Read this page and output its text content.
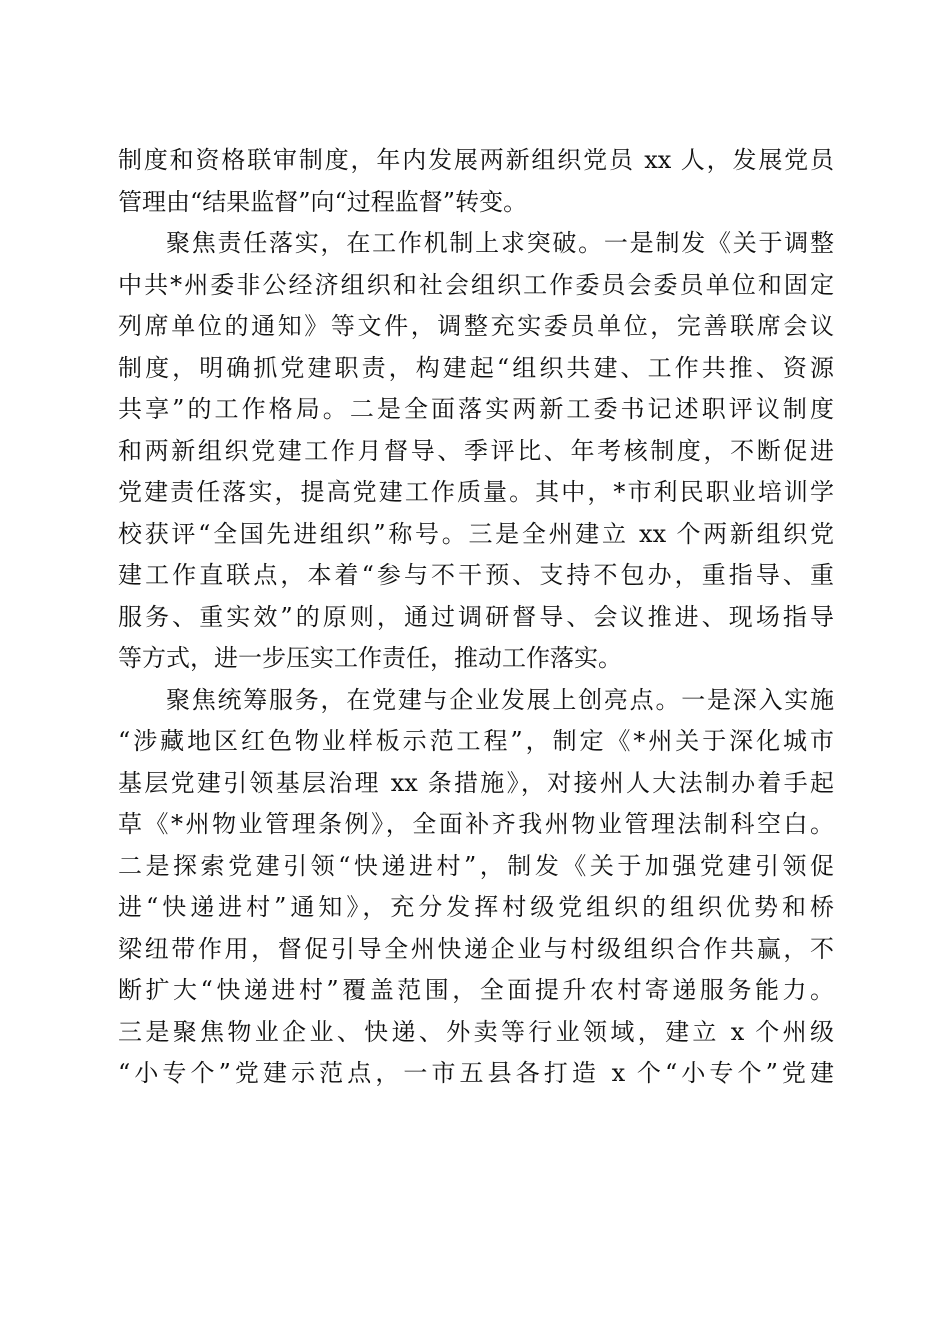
制度和资格联审制度，年内发展两新组织党员 xx 人，发展党员
管理由“结果监督”向“过程监督”转变。
聚焦责任落实，在工作机制上求突破。一是制发《关于调整
中共*州委非公经济组织和社会组织工作委员会委员单位和固定
列席单位的通知》等文件，调整充实委员单位，完善联席会议
制度，明确抓党建职责，构建起“组织共建、工作共推、资源
共享”的工作格局。二是全面落实两新工委书记述职评议制度
和两新组织党建工作月督导、季评比、年考核制度，不断促进
党建责任落实，提高党建工作质量。其中，*市利民职业培训学
校获评“全国先进组织”称号。三是全州建立 xx 个两新组织党
建工作直联点，本着“参与不干预、支持不包办，重指导、重
服务、重实效”的原则，通过调研督导、会议推进、现场指导
等方式，进一步压实工作责任，推动工作落实。
聚焦统筹服务，在党建与企业发展上创亮点。一是深入实施
“涉藏地区红色物业样板示范工程”，制定《*州关于深化城市
基层党建引领基层治理 xx 条措施》，对接州人大法制办着手起
草《*州物业管理条例》，全面补齐我州物业管理法制科空白。
二是探索党建引领“快递进村”，制发《关于加强党建引领促
进“快递进村”通知》，充分发挥村级党组织的组织优势和桥
梁纽带作用，督促引导全州快递企业与村级组织合作共赢，不
断扩大“快递进村”覆盖范围，全面提升农村寄递服务能力。
三是聚焦物业企业、快递、外卖等行业领域，建立 x 个州级
“小专个”党建示范点，一市五县各打造 x 个“小专个”党建
